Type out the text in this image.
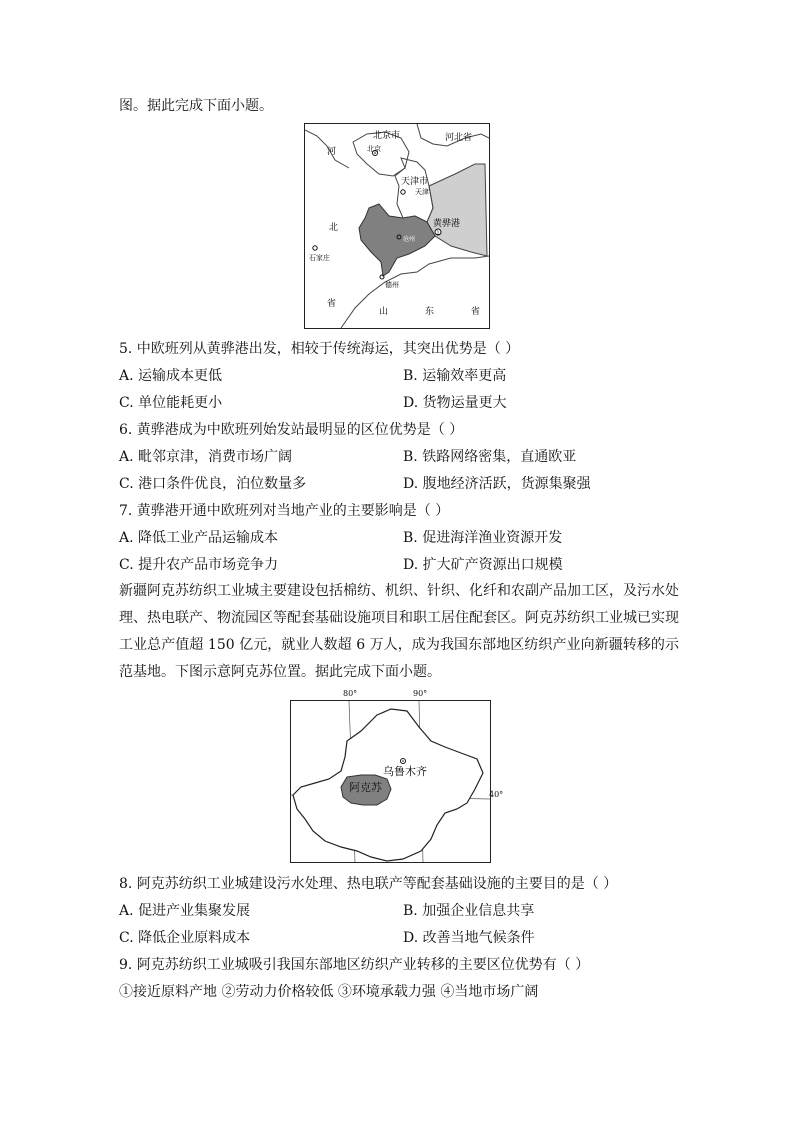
图。据此完成下面小题。
1
北京市	河北省
河	北京
天津市
天津
北	黄骅港
沧州
石家庄
德州
省
山	东	省
5. 中欧班列从黄骅港出发，相较于传统海运，其突出优势是（ ）
A. 运输成本更低	B. 运输效率更高
C. 单位能耗更小	D. 货物运量更大
6. 黄骅港成为中欧班列始发站最明显的区位优势是（ ）
A. 毗邻京津，消费市场广阔	B. 铁路网络密集，直通欧亚
C. 港口条件优良，泊位数量多	D. 腹地经济活跃，货源集聚强
7. 黄骅港开通中欧班列对当地产业的主要影响是（ ）
A. 降低工业产品运输成本	B. 促进海洋渔业资源开发
C. 提升农产品市场竞争力	D. 扩大矿产资源出口规模
新疆阿克苏纺织工业城主要建设包括棉纺、机织、针织、化纤和农副产品加工区，及污水处理、热电联产、物流园区等配套基础设施项目和职工居住配套区。阿克苏纺织工业城已实现工业总产值超 150 亿元，就业人数超 6 万人，成为我国东部地区纺织产业向新疆转移的示范基地。下图示意阿克苏位置。据此完成下面小题。
乌鲁木齐
阿克苏
80°	90°
40°
8. 阿克苏纺织工业城建设污水处理、热电联产等配套基础设施的主要目的是（ ）
A. 促进产业集聚发展	B. 加强企业信息共享
C. 降低企业原料成本	D. 改善当地气候条件
9. 阿克苏纺织工业城吸引我国东部地区纺织产业转移的主要区位优势有（ ）
①接近原料产地 ②劳动力价格较低 ③环境承载力强 ④当地市场广阔
